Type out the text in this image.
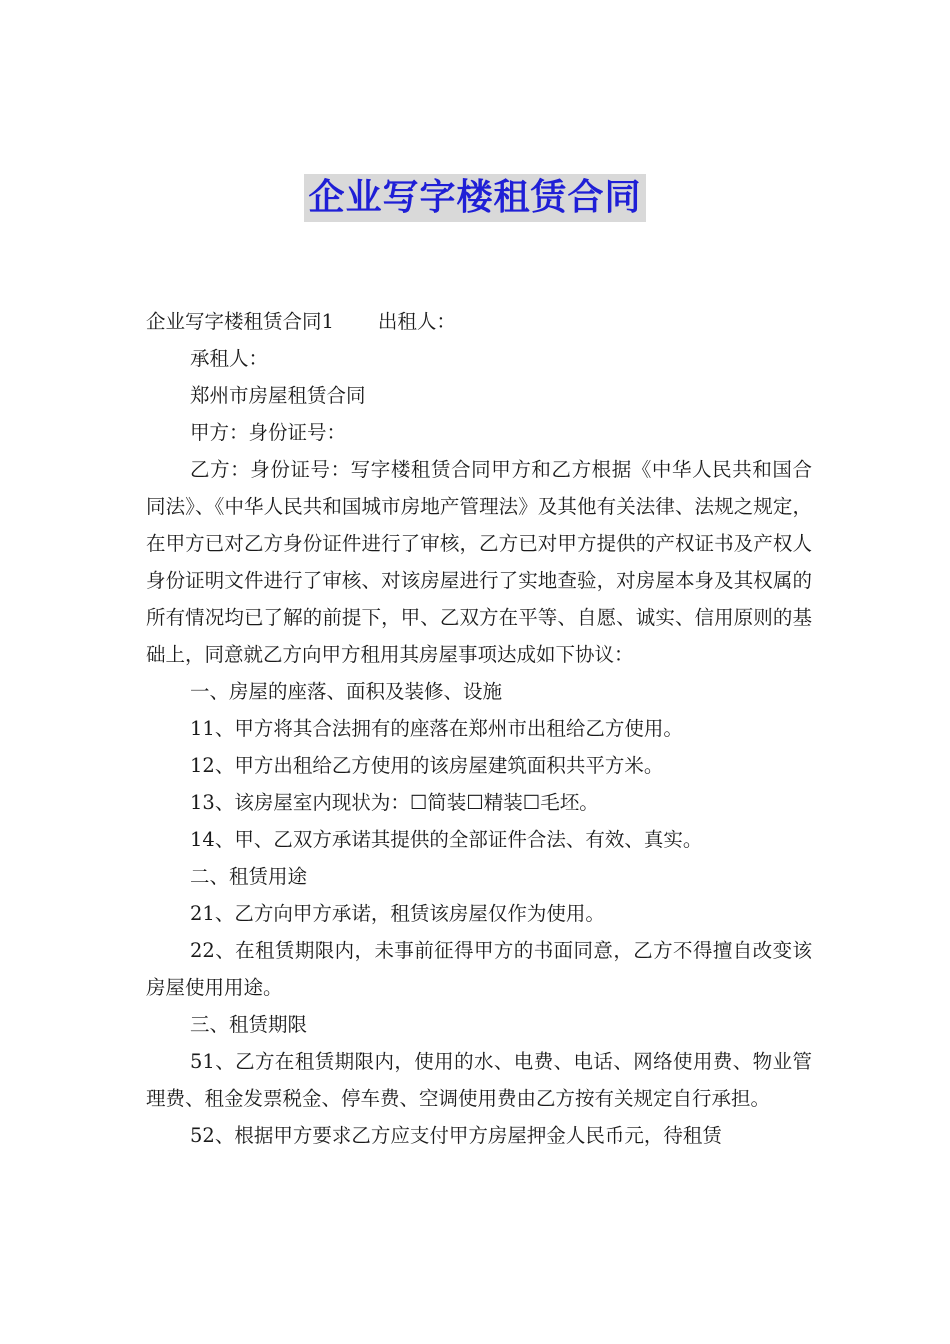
企业写字楼租赁合同

企业写字楼租赁合同1 出租人：

承租人：

郑州市房屋租赁合同

甲方：身份证号：

乙方：身份证号：写字楼租赁合同甲方和乙方根据《中华人民共和国合同法》、《中华人民共和国城市房地产管理法》及其他有关法律、法规之规定，在甲方已对乙方身份证件进行了审核，乙方已对甲方提供的产权证书及产权人身份证明文件进行了审核、对该房屋进行了实地查验，对房屋本身及其权属的所有情况均已了解的前提下，甲、乙双方在平等、自愿、诚实、信用原则的基础上，同意就乙方向甲方租用其房屋事项达成如下协议：

一、房屋的座落、面积及装修、设施

11、甲方将其合法拥有的座落在郑州市出租给乙方使用。

12、甲方出租给乙方使用的该房屋建筑面积共平方米。

13、该房屋室内现状为：☐简装☐精装☐毛坯。

14、甲、乙双方承诺其提供的全部证件合法、有效、真实。

二、租赁用途

21、乙方向甲方承诺，租赁该房屋仅作为使用。

22、在租赁期限内，未事前征得甲方的书面同意，乙方不得擅自改变该房屋使用用途。

三、租赁期限

51、乙方在租赁期限内，使用的水、电费、电话、网络使用费、物业管理费、租金发票税金、停车费、空调使用费由乙方按有关规定自行承担。

52、根据甲方要求乙方应支付甲方房屋押金人民币元，待租赁
